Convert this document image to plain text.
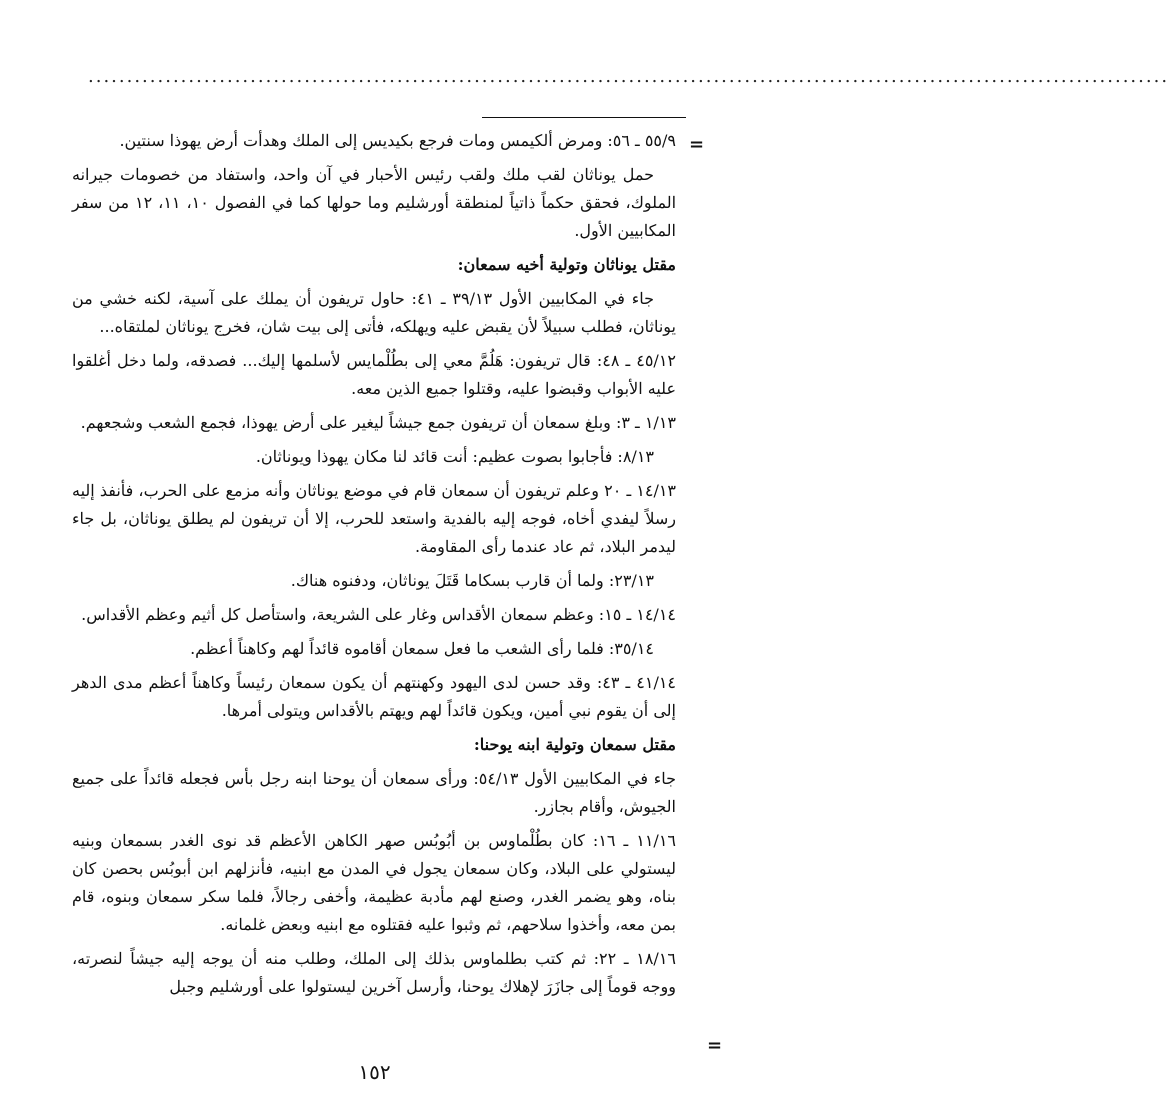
............................................................................................................................................
=

٥٥/٩ ـ ٥٦: ومرض ألكيمس ومات فرجع بكيديس إلى الملك وهدأت أرض يهوذا سنتين.

حمل يوناثان لقب ملك ولقب رئيس الأحبار في آن واحد، واستفاد من خصومات جيرانه الملوك، فحقق حكماً ذاتياً لمنطقة أورشليم وما حولها كما في الفصول ١٠، ١١، ١٢ من سفر المكابيين الأول.

مقتل يوناثان وتولية أخيه سمعان:

جاء في المكابيين الأول ٣٩/١٣ ـ ٤١: حاول تريفون أن يملك على آسية، لكنه خشي من يوناثان، فطلب سبيلاً لأن يقبض عليه ويهلكه، فأتى إلى بيت شان، فخرج يوناثان لملتقاه...

٤٥/١٢ ـ ٤٨: قال تريفون: هَلُمَّ معي إلى بطُلْمايس لأسلمها إليك... فصدقه، ولما دخل أغلقوا عليه الأبواب وقبضوا عليه، وقتلوا جميع الذين معه.

١/١٣ ـ ٣: وبلغ سمعان أن تريفون جمع جيشاً ليغير على أرض يهوذا، فجمع الشعب وشجعهم.

٨/١٣: فأجابوا بصوت عظيم: أنت قائد لنا مكان يهوذا ويوناثان.

١٤/١٣ ـ ٢٠ وعلم تريفون أن سمعان قام في موضع يوناثان وأنه مزمع على الحرب، فأنفذ إليه رسلاً ليفدي أخاه، فوجه إليه بالفدية واستعد للحرب، إلا أن تريفون لم يطلق يوناثان، بل جاء ليدمر البلاد، ثم عاد عندما رأى المقاومة.

٢٣/١٣: ولما أن قارب بسكاما قَتَلَ يوناثان، ودفنوه هناك.

١٤/١٤ ـ ١٥: وعظم سمعان الأقداس وغار على الشريعة، واستأصل كل أثيم وعظم الأقداس.

٣٥/١٤: فلما رأى الشعب ما فعل سمعان أقاموه قائداً لهم وكاهناً أعظم.

٤١/١٤ ـ ٤٣: وقد حسن لدى اليهود وكهنتهم أن يكون سمعان رئيساً وكاهناً أعظم مدى الدهر إلى أن يقوم نبي أمين، ويكون قائداً لهم ويهتم بالأقداس ويتولى أمرها.

مقتل سمعان وتولية ابنه يوحنا:

جاء في المكابيين الأول ٥٤/١٣: ورأى سمعان أن يوحنا ابنه رجل بأس فجعله قائداً على جميع الجيوش، وأقام بجازر.

١١/١٦ ـ ١٦: كان بطُلْماوس بن أبُوبُس صهر الكاهن الأعظم قد نوى الغدر بسمعان وبنيه ليستولي على البلاد، وكان سمعان يجول في المدن مع ابنيه، فأنزلهم ابن أبوبُس بحصن كان بناه، وهو يضمر الغدر، وصنع لهم مأدبة عظيمة، وأخفى رجالاً، فلما سكر سمعان وبنوه، قام بمن معه، وأخذوا سلاحهم، ثم وثبوا عليه فقتلوه مع ابنيه وبعض غلمانه.

١٨/١٦ ـ ٢٢: ثم كتب بطلماوس بذلك إلى الملك، وطلب منه أن يوجه إليه جيشاً لنصرته، ووجه قوماً إلى جازَرَ لإهلاك يوحنا، وأرسل آخرين ليستولوا على أورشليم وجبل

=
١٥٢
